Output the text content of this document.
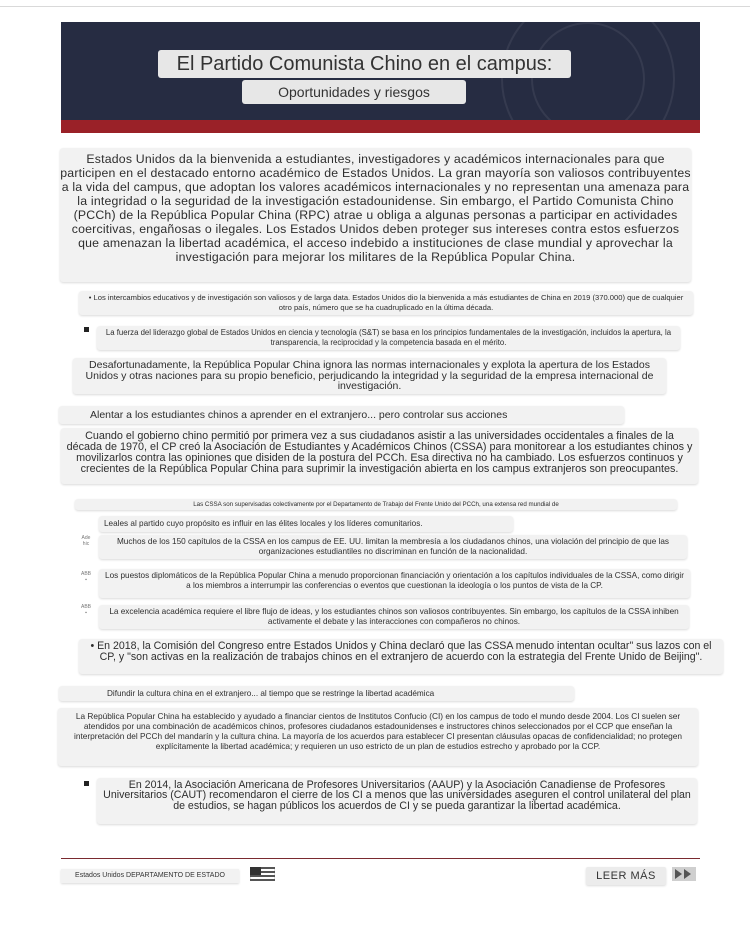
El Partido Comunista Chino en el campus:
Oportunidades y riesgos
Estados Unidos da la bienvenida a estudiantes, investigadores y académicos internacionales para que participen en el destacado entorno académico de Estados Unidos. La gran mayoría son valiosos contribuyentes a la vida del campus, que adoptan los valores académicos internacionales y no representan una amenaza para la integridad o la seguridad de la investigación estadounidense. Sin embargo, el Partido Comunista Chino (PCCh) de la República Popular China (RPC) atrae u obliga a algunas personas a participar en actividades coercitivas, engañosas o ilegales. Los Estados Unidos deben proteger sus intereses contra estos esfuerzos que amenazan la libertad académica, el acceso indebido a instituciones de clase mundial y aprovechar la investigación para mejorar los militares de la República Popular China.
• Los intercambios educativos y de investigación son valiosos y de larga data. Estados Unidos dio la bienvenida a más estudiantes de China en 2019 (370.000) que de cualquier otro país, número que se ha cuadruplicado en la última década.
La fuerza del liderazgo global de Estados Unidos en ciencia y tecnología (S&T) se basa en los principios fundamentales de la investigación, incluidos la apertura, la transparencia, la reciprocidad y la competencia basada en el mérito.
Desafortunadamente, la República Popular China ignora las normas internacionales y explota la apertura de los Estados Unidos y otras naciones para su propio beneficio, perjudicando la integridad y la seguridad de la empresa internacional de investigación.
Alentar a los estudiantes chinos a aprender en el extranjero... pero controlar sus acciones
Cuando el gobierno chino permitió por primera vez a sus ciudadanos asistir a las universidades occidentales a finales de la década de 1970, el CP creó la Asociación de Estudiantes y Académicos Chinos (CSSA) para monitorear a los estudiantes chinos y movilizarlos contra las opiniones que disiden de la postura del PCCh. Esa directiva no ha cambiado. Los esfuerzos continuos y crecientes de la República Popular China para suprimir la investigación abierta en los campus extranjeros son preocupantes.
Las CSSA son supervisadas colectivamente por el Departamento de Trabajo del Frente Unido del PCCh, una extensa red mundial de
Leales al partido cuyo propósito es influir en las élites locales y los líderes comunitarios.
Ade
hic	Muchos de los 150 capítulos de la CSSA en los campus de EE. UU. limitan la membresía a los ciudadanos chinos, una violación del principio de que las organizaciones estudiantiles no discriminan en función de la nacionalidad.
ABB
▪	Los puestos diplomáticos de la República Popular China a menudo proporcionan financiación y orientación a los capítulos individuales de la CSSA, como dirigir a los miembros a interrumpir las conferencias o eventos que cuestionan la ideología o los puntos de vista de la CP.
ABB
▪	La excelencia académica requiere el libre flujo de ideas, y los estudiantes chinos son valiosos contribuyentes. Sin embargo, los capítulos de la CSSA inhiben activamente el debate y las interacciones con compañeros no chinos.
• En 2018, la Comisión del Congreso entre Estados Unidos y China declaró que las CSSA menudo intentan ocultar" sus lazos con el CP, y "son activas en la realización de trabajos chinos en el extranjero de acuerdo con la estrategia del Frente Unido de Beijing".
Difundir la cultura china en el extranjero... al tiempo que se restringe la libertad académica
La República Popular China ha establecido y ayudado a financiar cientos de Institutos Confucio (CI) en los campus de todo el mundo desde 2004. Los CI suelen ser atendidos por una combinación de académicos chinos, profesores ciudadanos estadounidenses e instructores chinos seleccionados por el CCP que enseñan la interpretación del PCCh del mandarín y la cultura china. La mayoría de los acuerdos para establecer CI presentan cláusulas opacas de confidencialidad; no protegen explícitamente la libertad académica; y requieren un uso estricto de un plan de estudios estrecho y aprobado por la CCP.
En 2014, la Asociación Americana de Profesores Universitarios (AAUP) y la Asociación Canadiense de Profesores Universitarios (CAUT) recomendaron el cierre de los CI a menos que las universidades aseguren el control unilateral del plan de estudios, se hagan públicos los acuerdos de CI y se pueda garantizar la libertad académica.
Estados Unidos DEPARTAMENTO DE ESTADO	LEER MÁS
